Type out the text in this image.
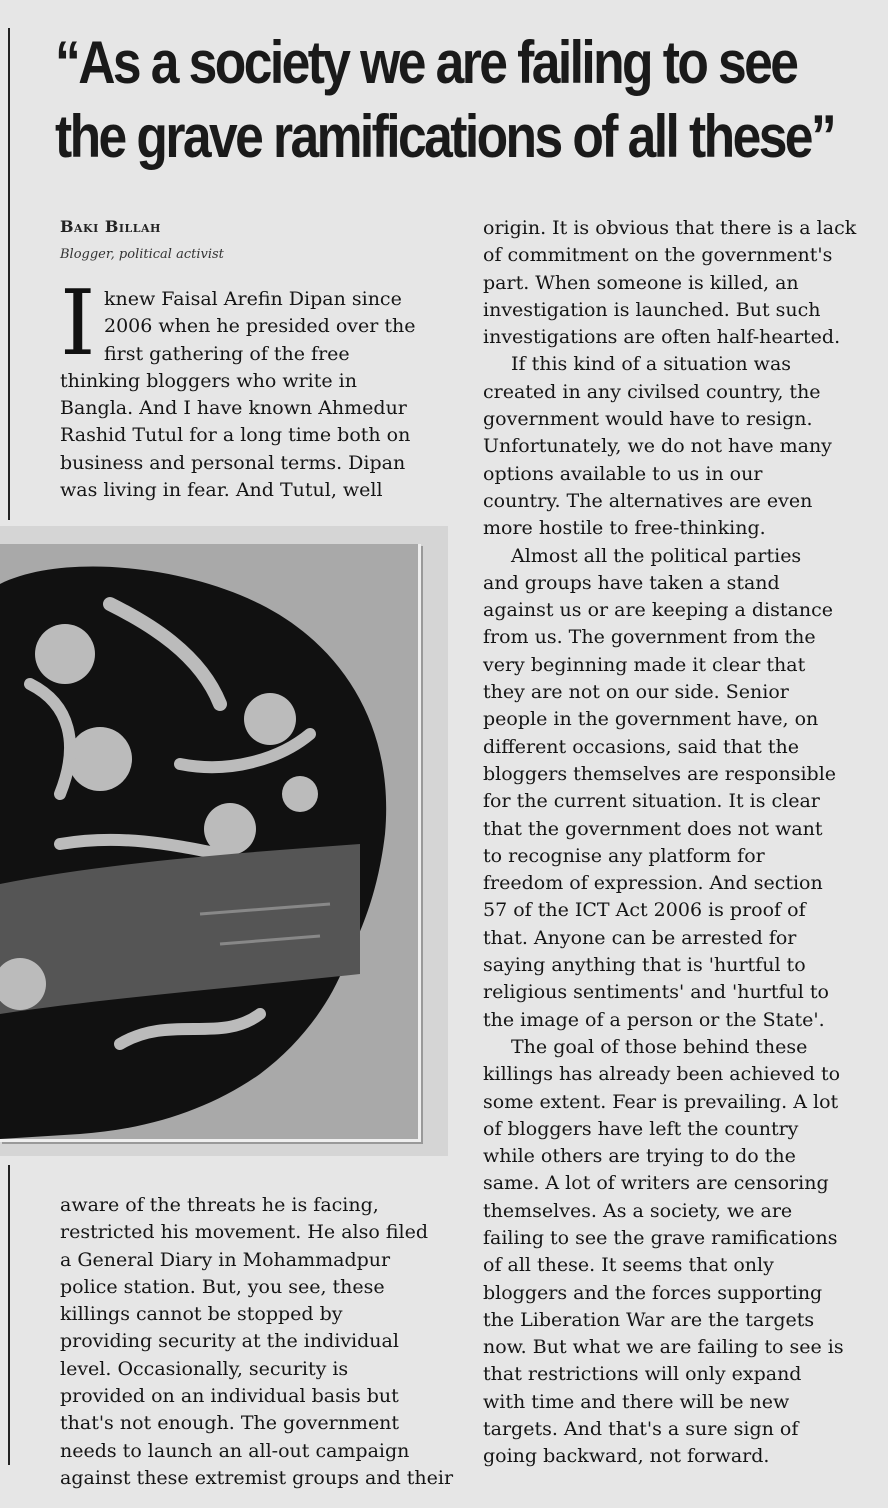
“As a society we are failing to see
the grave ramifications of all these”
Baki Billah
Blogger, political activist
I knew Faisal Arefin Dipan since
2006 when he presided over the
first gathering of the free
thinking bloggers who write in
Bangla. And I have known Ahmedur
Rashid Tutul for a long time both on
business and personal terms. Dipan
was living in fear. And Tutul, well
aware of the threats he is facing,
restricted his movement. He also filed
a General Diary in Mohammadpur
police station. But, you see, these
killings cannot be stopped by
providing security at the individual
level. Occasionally, security is
provided on an individual basis but
that's not enough. The government
needs to launch an all-out campaign
against these extremist groups and their
origin. It is obvious that there is a lack
of commitment on the government's
part. When someone is killed, an
investigation is launched. But such
investigations are often half-hearted.
If this kind of a situation was
created in any civilsed country, the
government would have to resign.
Unfortunately, we do not have many
options available to us in our
country. The alternatives are even
more hostile to free-thinking.
Almost all the political parties
and groups have taken a stand
against us or are keeping a distance
from us. The government from the
very beginning made it clear that
they are not on our side. Senior
people in the government have, on
different occasions, said that the
bloggers themselves are responsible
for the current situation. It is clear
that the government does not want
to recognise any platform for
freedom of expression. And section
57 of the ICT Act 2006 is proof of
that. Anyone can be arrested for
saying anything that is 'hurtful to
religious sentiments' and 'hurtful to
the image of a person or the State'.
The goal of those behind these
killings has already been achieved to
some extent. Fear is prevailing. A lot
of bloggers have left the country
while others are trying to do the
same. A lot of writers are censoring
themselves. As a society, we are
failing to see the grave ramifications
of all these. It seems that only
bloggers and the forces supporting
the Liberation War are the targets
now. But what we are failing to see is
that restrictions will only expand
with time and there will be new
targets. And that's a sure sign of
going backward, not forward.
